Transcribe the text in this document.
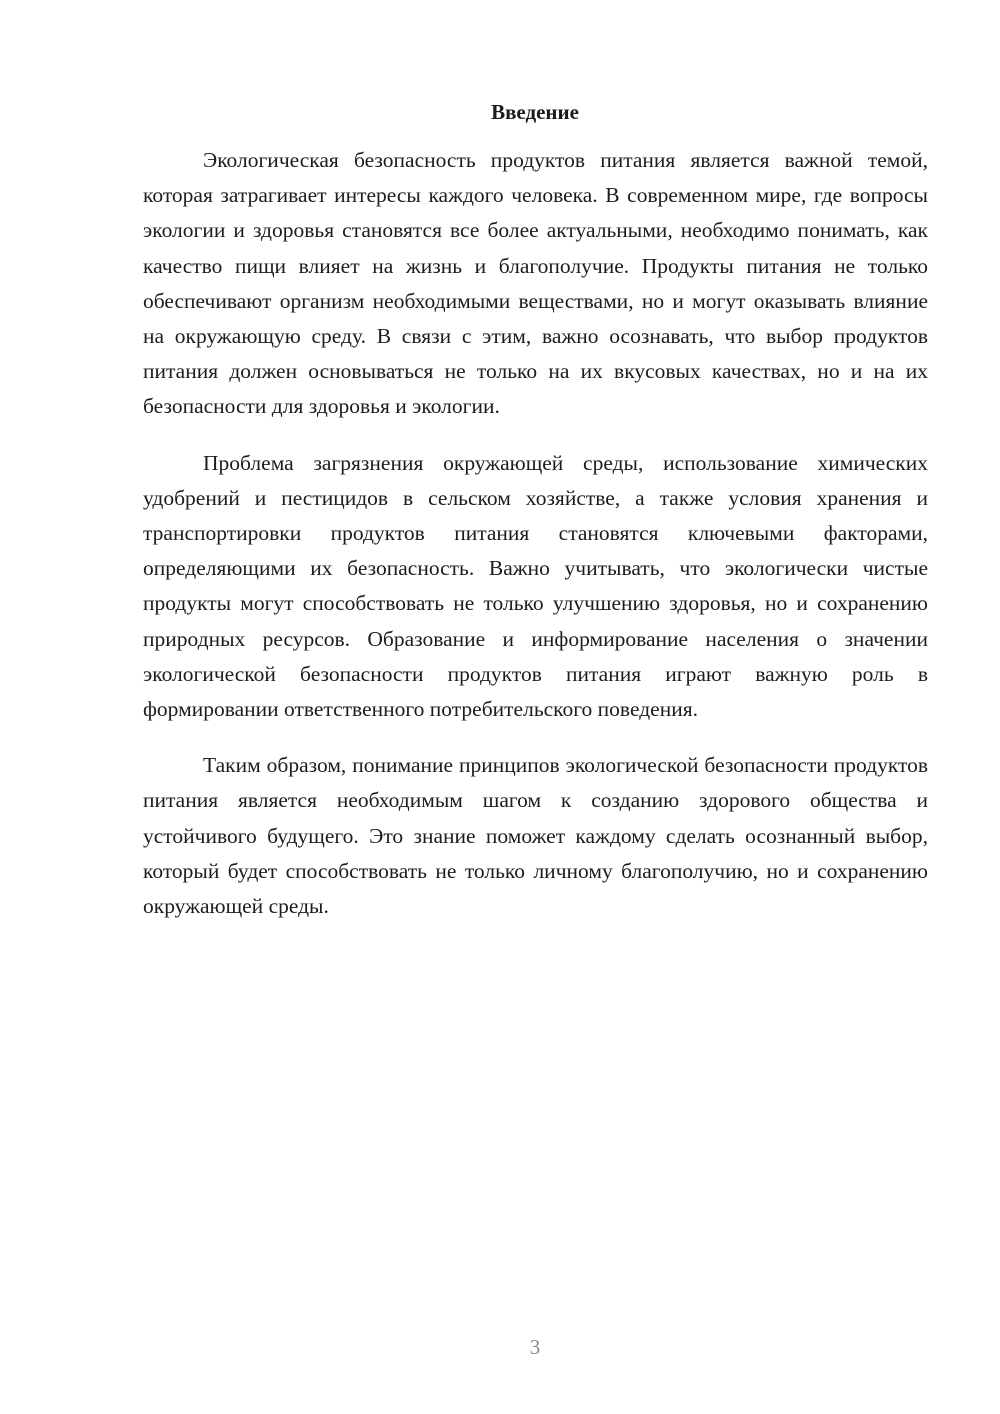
Введение

Экологическая безопасность продуктов питания является важной темой, которая затрагивает интересы каждого человека. В современном мире, где вопросы экологии и здоровья становятся все более актуальными, необходимо понимать, как качество пищи влияет на жизнь и благополучие. Продукты питания не только обеспечивают организм необходимыми веществами, но и могут оказывать влияние на окружающую среду. В связи с этим, важно осознавать, что выбор продуктов питания должен основываться не только на их вкусовых качествах, но и на их безопасности для здоровья и экологии.

Проблема загрязнения окружающей среды, использование химических удобрений и пестицидов в сельском хозяйстве, а также условия хранения и транспортировки продуктов питания становятся ключевыми факторами, определяющими их безопасность. Важно учитывать, что экологически чистые продукты могут способствовать не только улучшению здоровья, но и сохранению природных ресурсов. Образование и информирование населения о значении экологической безопасности продуктов питания играют важную роль в формировании ответственного потребительского поведения.

Таким образом, понимание принципов экологической безопасности продуктов питания является необходимым шагом к созданию здорового общества и устойчивого будущего. Это знание поможет каждому сделать осознанный выбор, который будет способствовать не только личному благополучию, но и сохранению окружающей среды.

3
